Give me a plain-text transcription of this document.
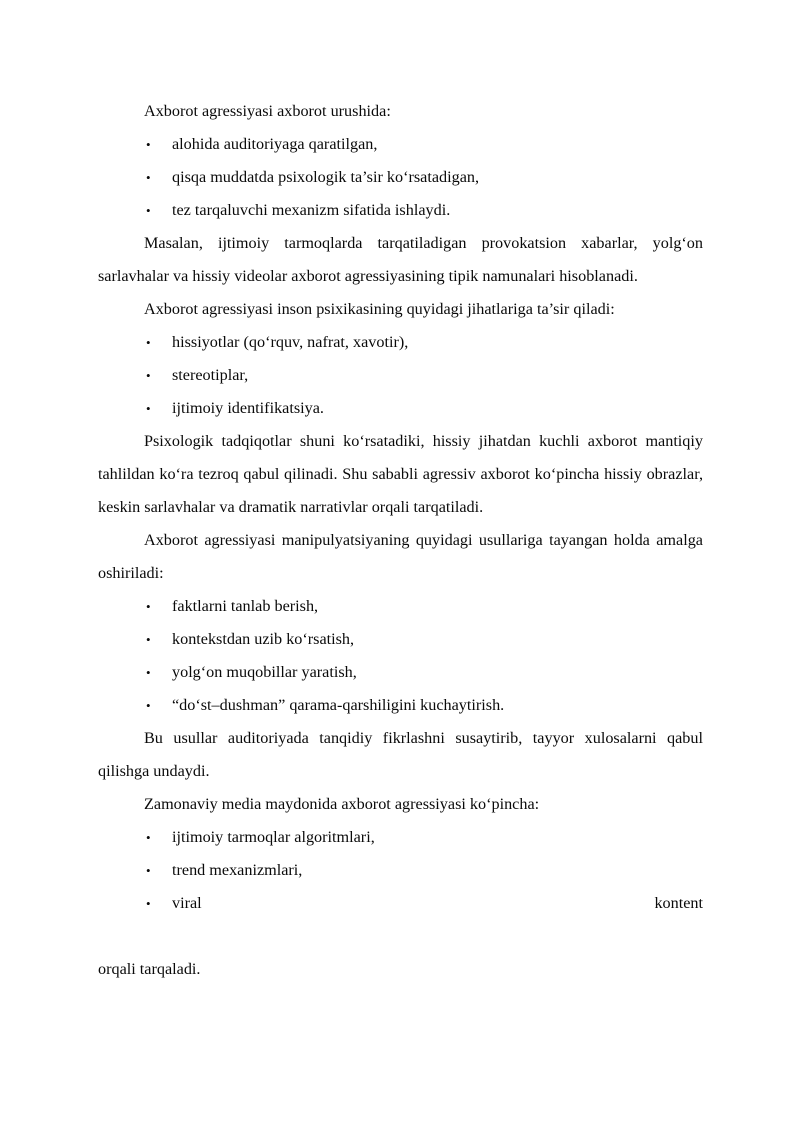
Axborot agressiyasi axborot urushida:

• alohida auditoriyaga qaratilgan,
• qisqa muddatda psixologik ta’sir ko‘rsatadigan,
• tez tarqaluvchi mexanizm sifatida ishlaydi.

Masalan, ijtimoiy tarmoqlarda tarqatiladigan provokatsion xabarlar, yolg‘on sarlavhalar va hissiy videolar axborot agressiyasining tipik namunalari hisoblanadi.

Axborot agressiyasi inson psixikasining quyidagi jihatlariga ta’sir qiladi:

• hissiyotlar (qo‘rquv, nafrat, xavotir),
• stereotiplar,
• ijtimoiy identifikatsiya.

Psixologik tadqiqotlar shuni ko‘rsatadiki, hissiy jihatdan kuchli axborot mantiqiy tahlildan ko‘ra tezroq qabul qilinadi. Shu sababli agressiv axborot ko‘pincha hissiy obrazlar, keskin sarlavhalar va dramatik narrativlar orqali tarqatiladi.

Axborot agressiyasi manipulyatsiyaning quyidagi usullariga tayangan holda amalga oshiriladi:

• faktlarni tanlab berish,
• kontekstdan uzib ko‘rsatish,
• yolg‘on muqobillar yaratish,
• “do‘st–dushman” qarama-qarshiligini kuchaytirish.

Bu usullar auditoriyada tanqidiy fikrlashni susaytirib, tayyor xulosalarni qabul qilishga undaydi.

Zamonaviy media maydonida axborot agressiyasi ko‘pincha:

• ijtimoiy tarmoqlar algoritmlari,
• trend mexanizmlari,
• viral	kontent

orqali tarqaladi.
